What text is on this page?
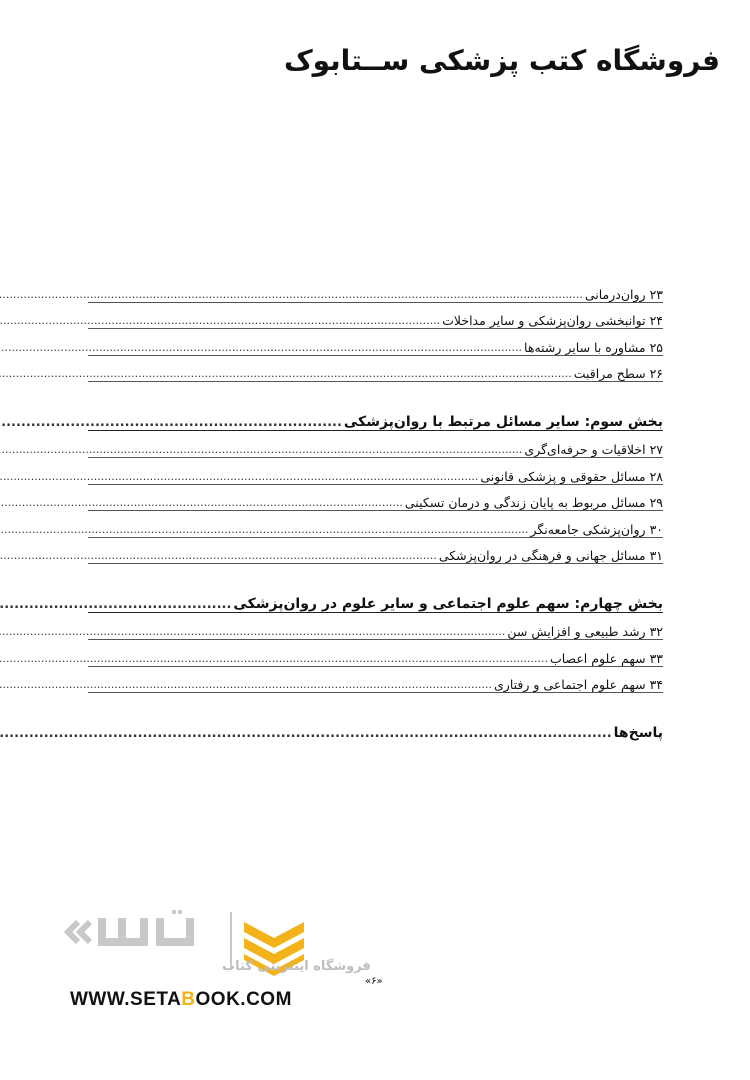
فروشگاه کتب پزشکی ســتابوک
۲۳ روان‌درمانی
.....
۲۴ توانبخشی روان‌پزشکی و سایر مداخلات
.....
۲۵ مشاوره با سایر رشته‌ها
.....
۲۶ سطح مراقبت
.....
بخش سوم: سایر مسائل مرتبط با روان‌پزشکی
.....
۲۷ اخلاقیات و حرفه‌ای‌گری
.....
۲۸ مسائل حقوقی و پزشکی قانونی
.....
۲۹ مسائل مربوط به پایان زندگی و درمان تسکینی
.....
۳۰ روان‌پزشکی جامعه‌نگر
.....
۳۱ مسائل جهانی و فرهنگی در روان‌پزشکی
.....
بخش چهارم: سهم علوم اجتماعی و سایر علوم در روان‌پزشکی
.....
۳۲ رشد طبیعی و افزایش سن
.....
۳۳ سهم علوم اعصاب
.....
۳۴ سهم علوم اجتماعی و رفتاری
.....
پاسخ‌ها
.....
فروشگاه اینترنتی کتاب
WWW.SETABOOK.COM
«۶»
